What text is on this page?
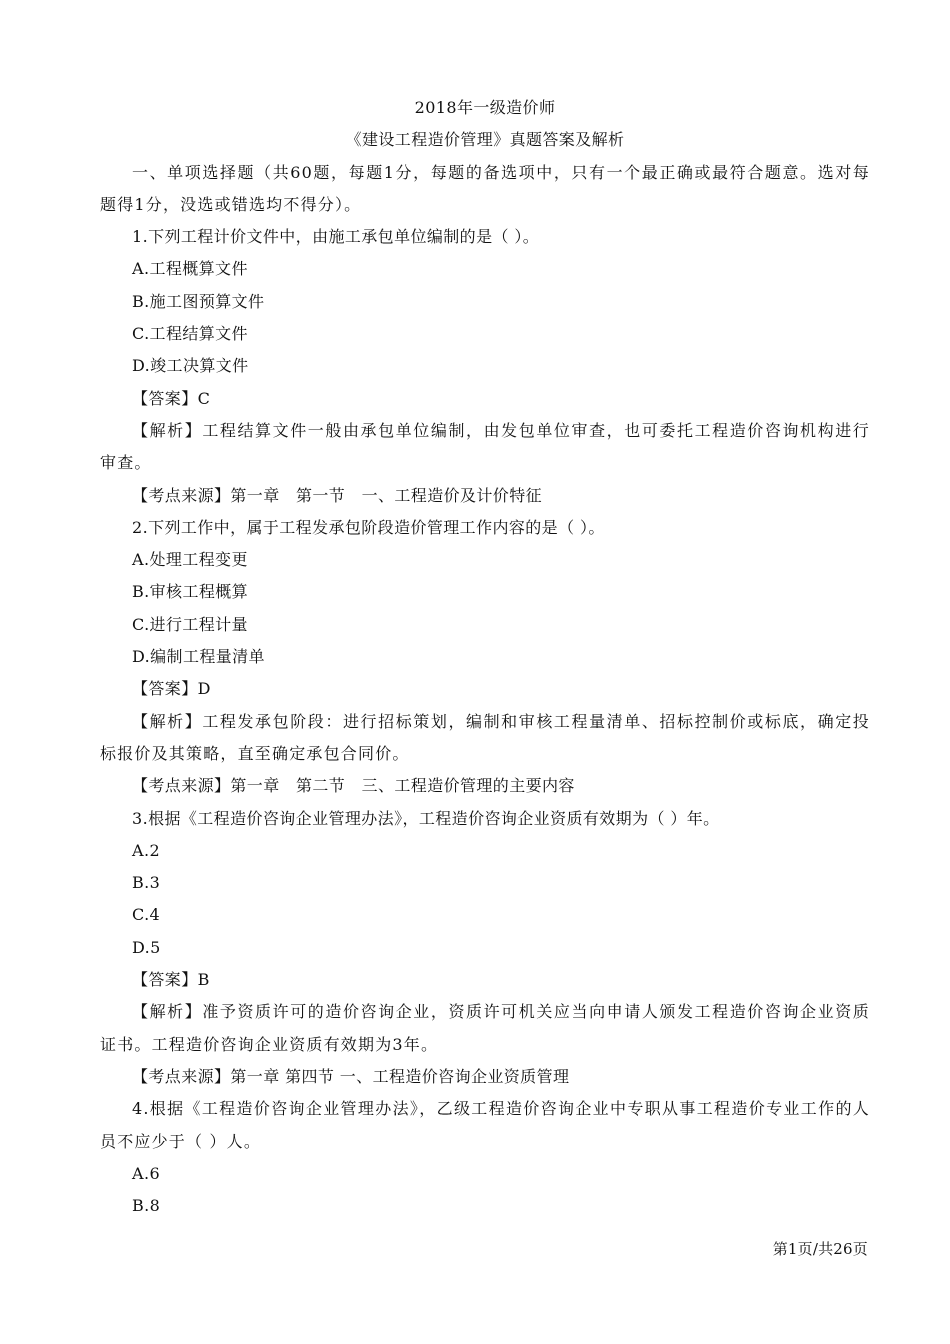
2018年一级造价师
《建设工程造价管理》真题答案及解析
一、单项选择题（共60题，每题1分，每题的备选项中，只有一个最正确或最符合题意。选对每题得1分，没选或错选均不得分）。
1.下列工程计价文件中，由施工承包单位编制的是（ ）。
A.工程概算文件
B.施工图预算文件
C.工程结算文件
D.竣工决算文件
【答案】C
【解析】工程结算文件一般由承包单位编制，由发包单位审查，也可委托工程造价咨询机构进行审查。
【考点来源】第一章　第一节　一、工程造价及计价特征
2.下列工作中，属于工程发承包阶段造价管理工作内容的是（ ）。
A.处理工程变更
B.审核工程概算
C.进行工程计量
D.编制工程量清单
【答案】D
【解析】工程发承包阶段：进行招标策划，编制和审核工程量清单、招标控制价或标底，确定投标报价及其策略，直至确定承包合同价。
【考点来源】第一章　第二节　三、工程造价管理的主要内容
3.根据《工程造价咨询企业管理办法》，工程造价咨询企业资质有效期为（ ）年。
A.2
B.3
C.4
D.5
【答案】B
【解析】准予资质许可的造价咨询企业，资质许可机关应当向申请人颁发工程造价咨询企业资质证书。工程造价咨询企业资质有效期为3年。
【考点来源】第一章 第四节 一、工程造价咨询企业资质管理
4.根据《工程造价咨询企业管理办法》，乙级工程造价咨询企业中专职从事工程造价专业工作的人员不应少于（ ）人。
A.6
B.8
第1页/共26页
